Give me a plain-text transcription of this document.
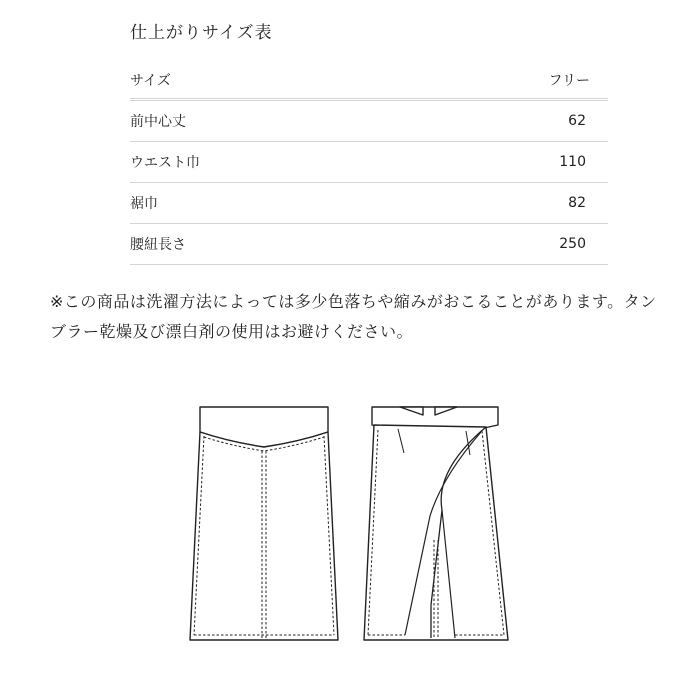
仕上がりサイズ表
サイズ	フリー
前中心丈	62
ウエスト巾	110
裾巾	82
腰紐長さ	250
※この商品は洗濯方法によっては多少色落ちや縮みがおこることがあります。タンブラー乾燥及び漂白剤の使用はお避けください。
